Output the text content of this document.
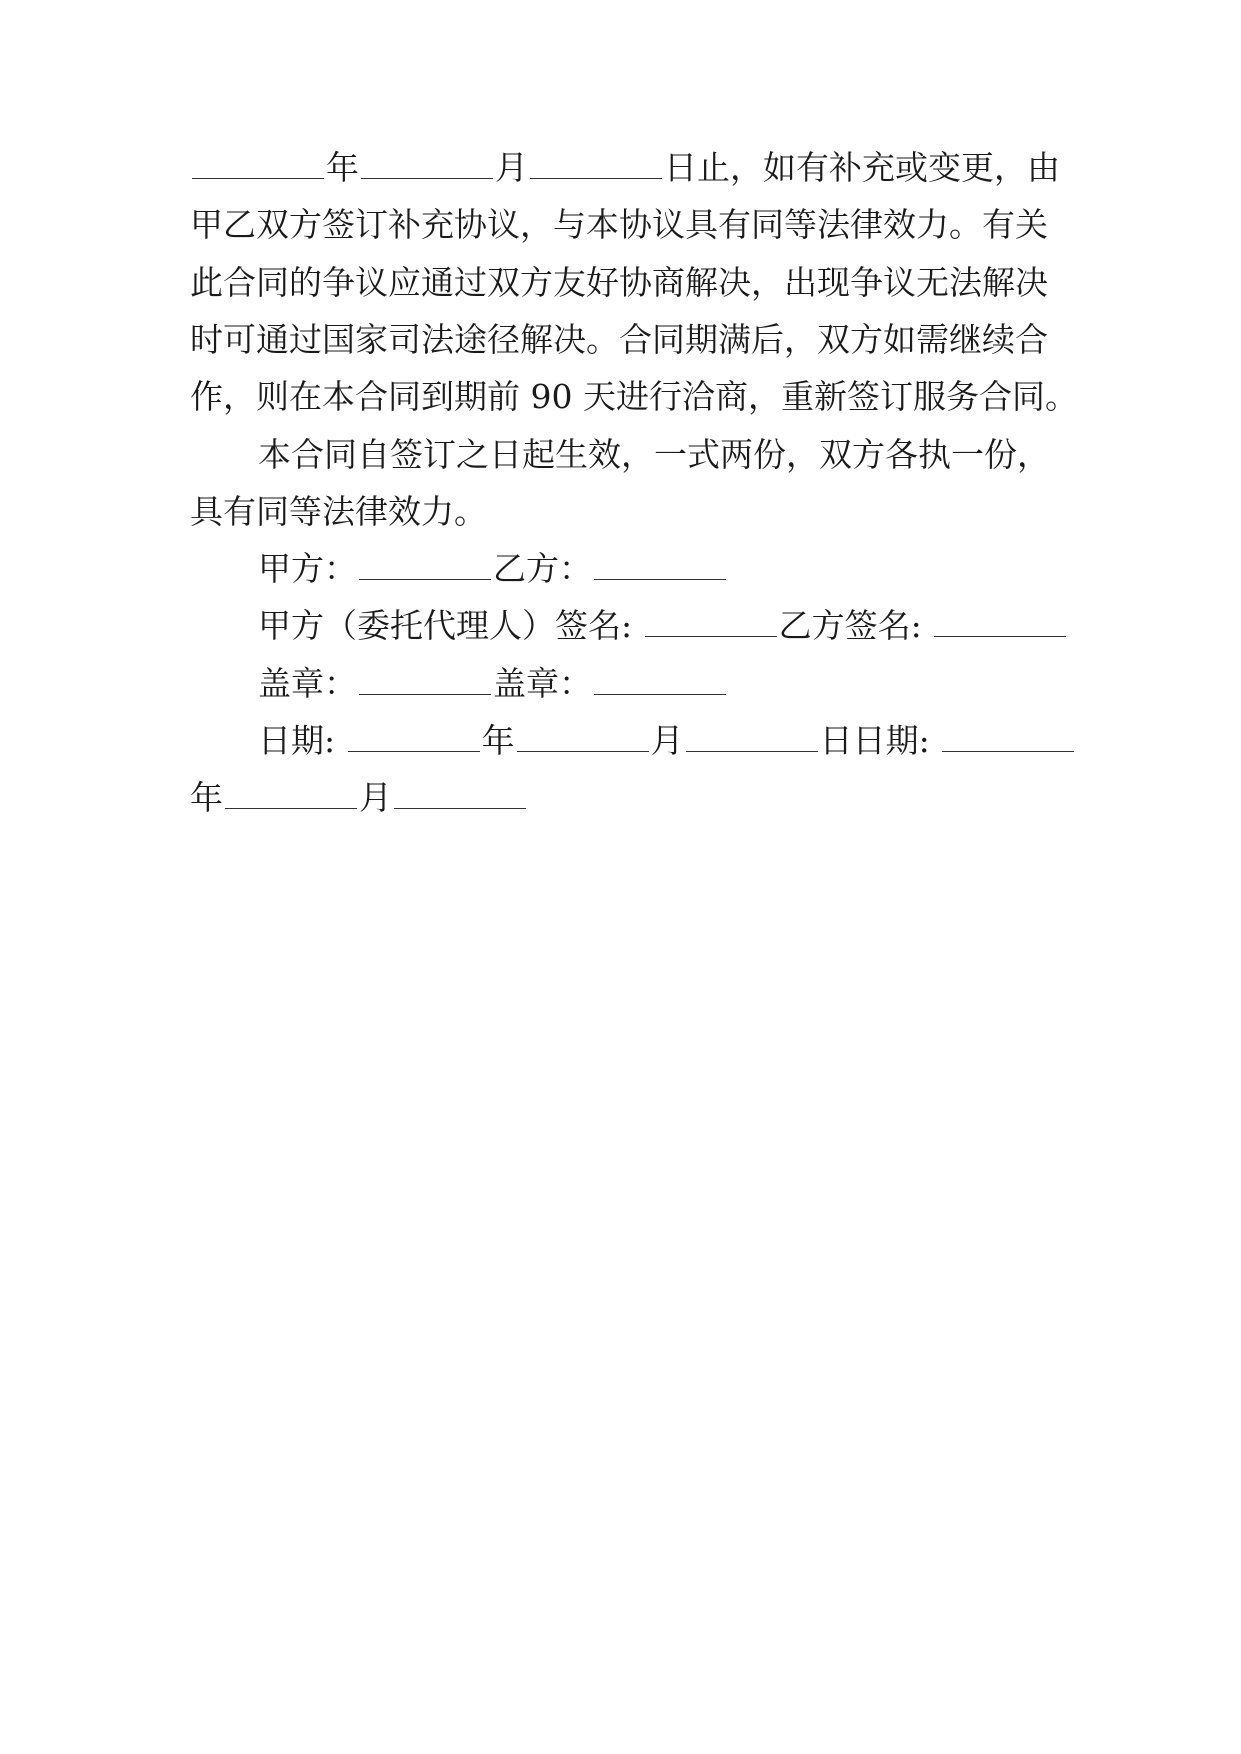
年	月	日止，如有补充或变更，由
甲乙双方签订补充协议，与本协议具有同等法律效力。有关
此合同的争议应通过双方友好协商解决，出现争议无法解决
时可通过国家司法途径解决。合同期满后，双方如需继续合
作，则在本合同到期前 90 天进行洽商，重新签订服务合同。
本合同自签订之日起生效，一式两份，双方各执一份，
具有同等法律效力。
甲方：	乙方：
甲方（委托代理人）签名:	乙方签名:
盖章：	盖章：
日期:	年	月	日日期:
年	月
